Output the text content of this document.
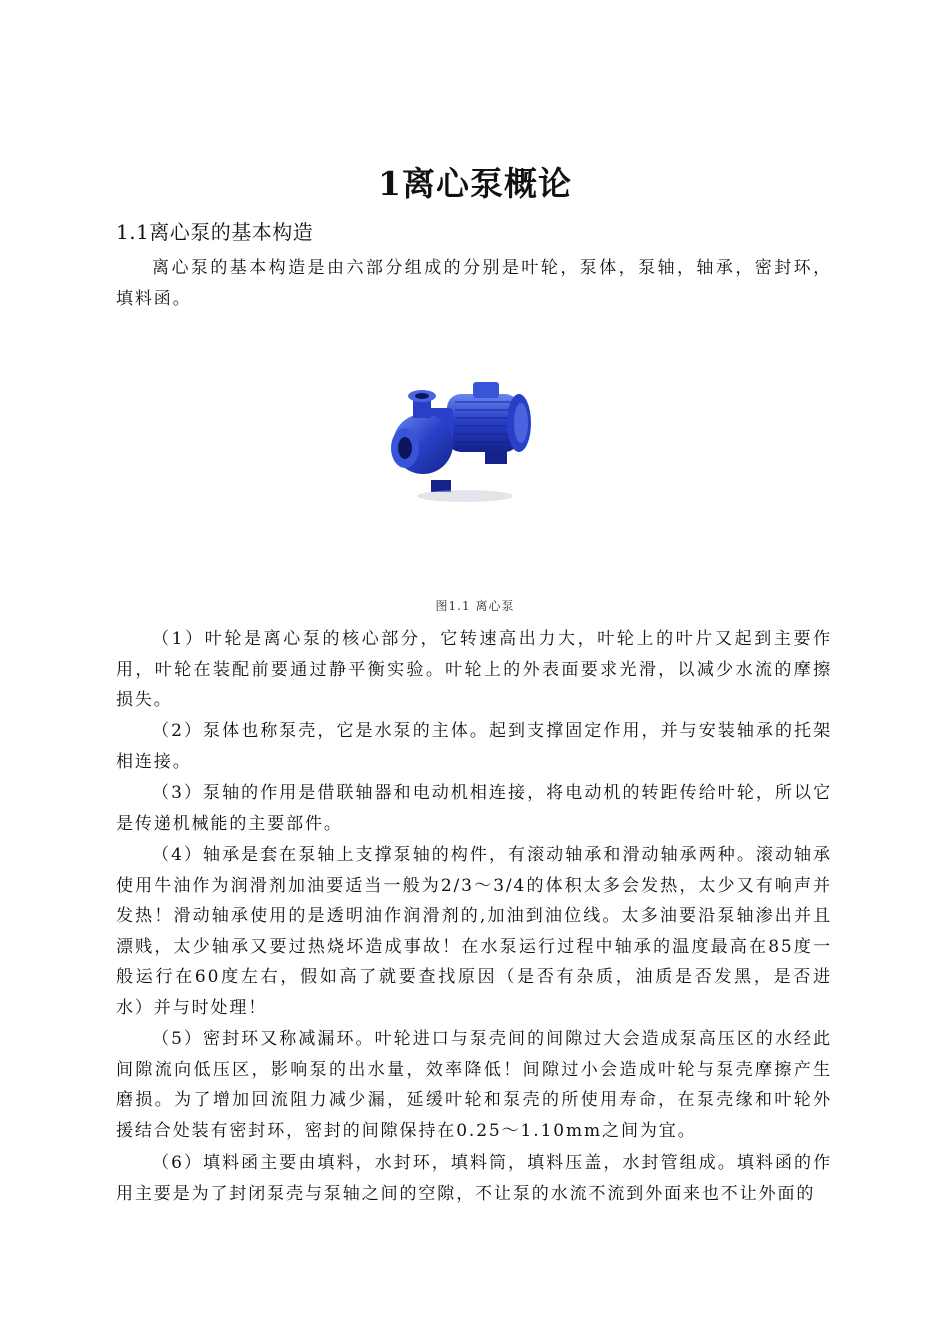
1离心泵概论
1.1离心泵的基本构造

离心泵的基本构造是由六部分组成的分别是叶轮，泵体，泵轴，轴承，密封环，填料函。

图1.1 离心泵

（1）叶轮是离心泵的核心部分，它转速高出力大，叶轮上的叶片又起到主要作用，叶轮在装配前要通过静平衡实验。叶轮上的外表面要求光滑，以减少水流的摩擦损失。

（2）泵体也称泵壳，它是水泵的主体。起到支撑固定作用，并与安装轴承的托架相连接。

（3）泵轴的作用是借联轴器和电动机相连接，将电动机的转距传给叶轮，所以它是传递机械能的主要部件。

（4）轴承是套在泵轴上支撑泵轴的构件，有滚动轴承和滑动轴承两种。滚动轴承使用牛油作为润滑剂加油要适当一般为2/3～3/4的体积太多会发热，太少又有响声并发热！滑动轴承使用的是透明油作润滑剂的,加油到油位线。太多油要沿泵轴渗出并且漂贱，太少轴承又要过热烧坏造成事故！在水泵运行过程中轴承的温度最高在85度一般运行在60度左右，假如高了就要查找原因（是否有杂质，油质是否发黑，是否进水）并与时处理！

（5）密封环又称减漏环。叶轮进口与泵壳间的间隙过大会造成泵高压区的水经此间隙流向低压区，影响泵的出水量，效率降低！间隙过小会造成叶轮与泵壳摩擦产生磨损。为了增加回流阻力减少漏，延缓叶轮和泵壳的所使用寿命，在泵壳缘和叶轮外援结合处装有密封环，密封的间隙保持在0.25～1.10mm之间为宜。

（6）填料函主要由填料，水封环，填料筒，填料压盖，水封管组成。填料函的作用主要是为了封闭泵壳与泵轴之间的空隙，不让泵的水流不流到外面来也不让外面的
